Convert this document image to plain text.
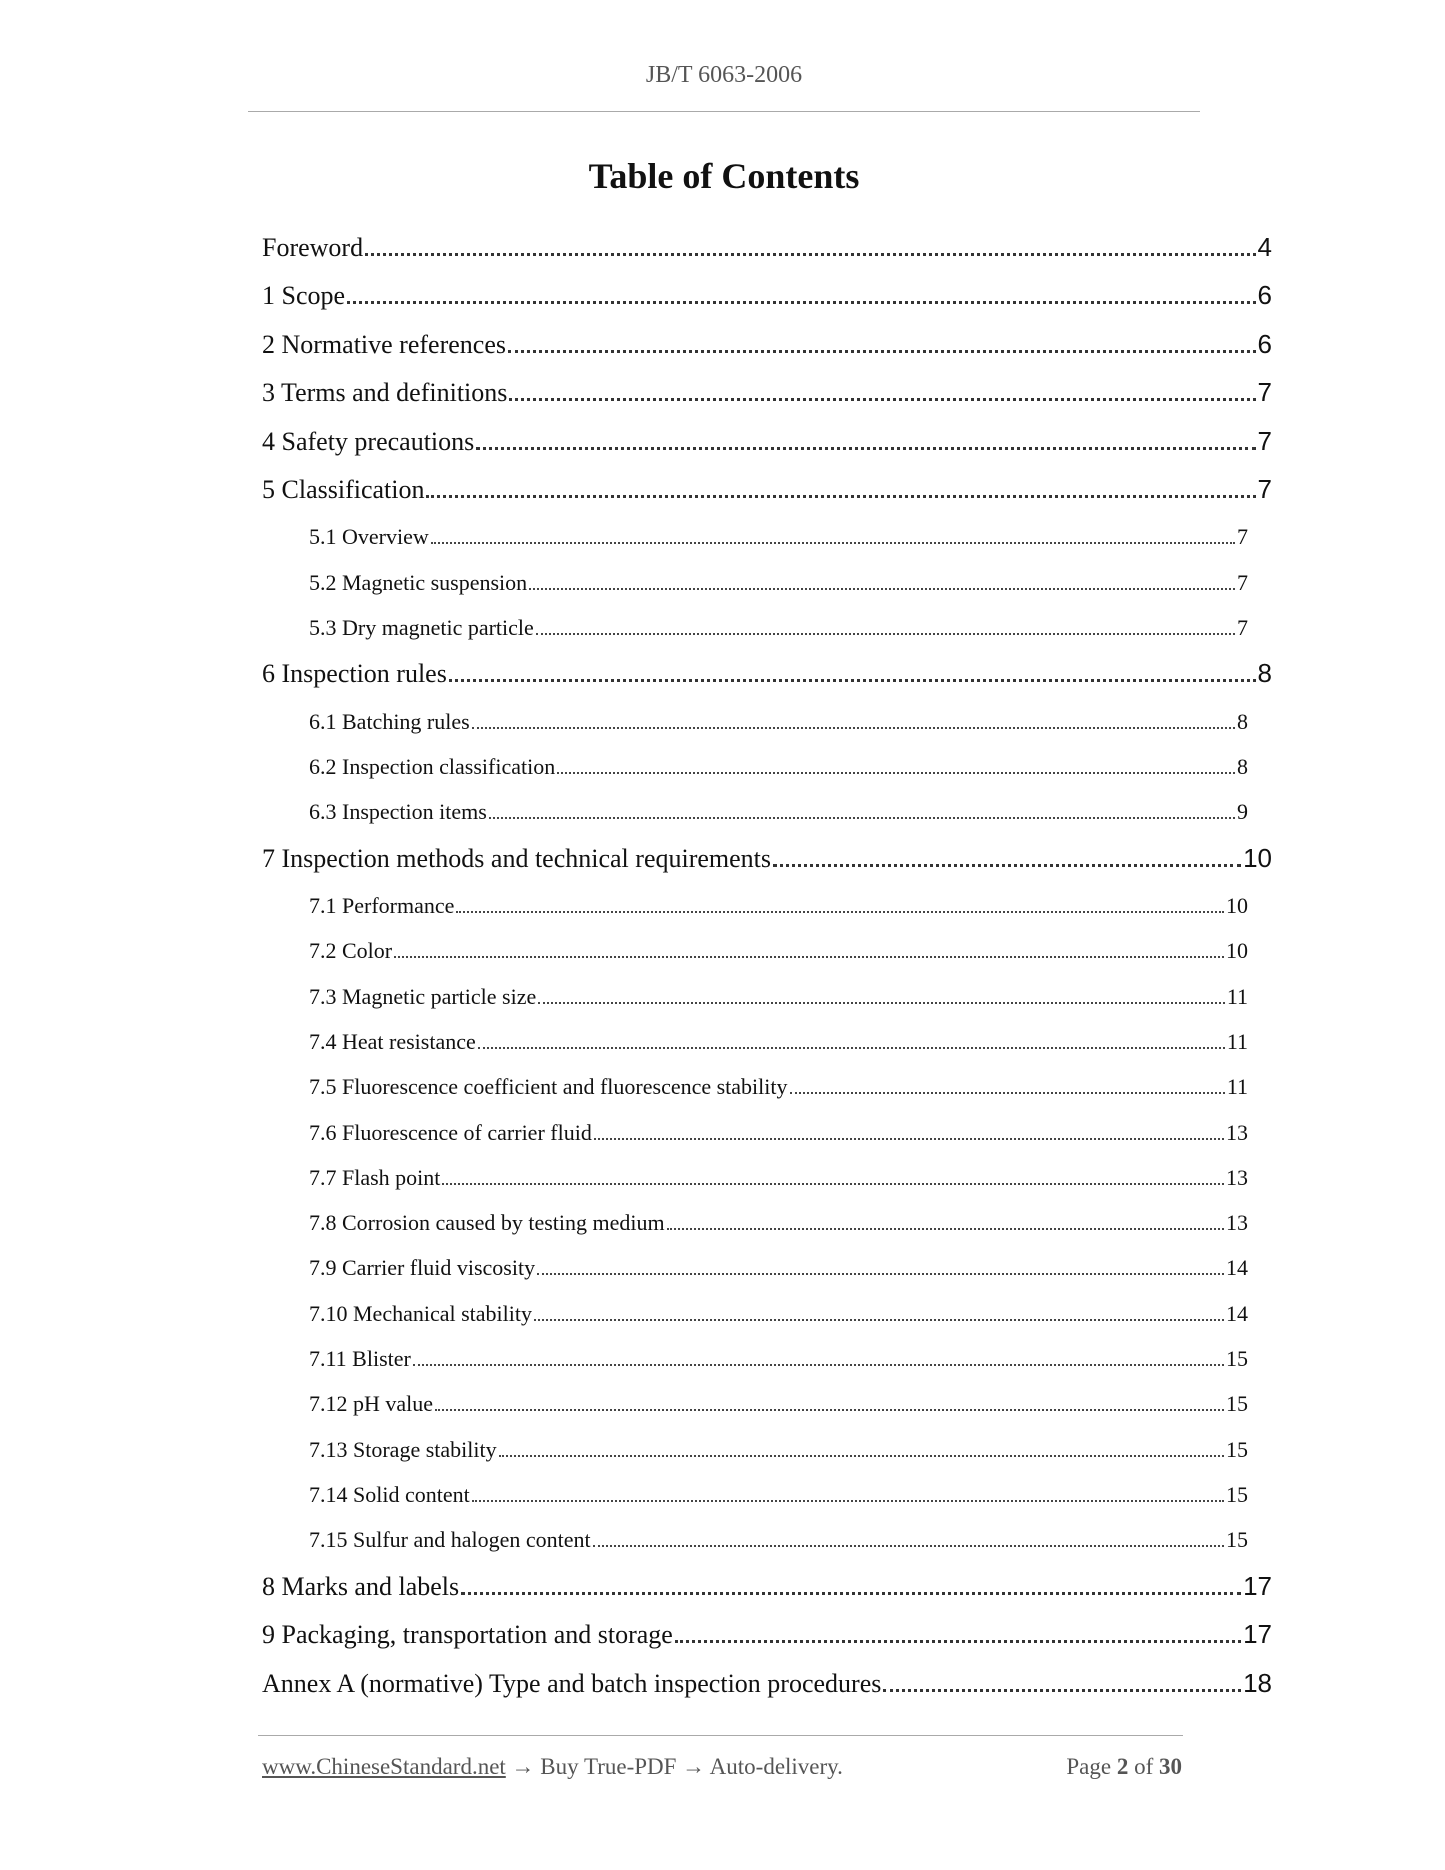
JB/T 6063-2006
Table of Contents
Foreword	4
1 Scope	6
2 Normative references	6
3 Terms and definitions	7
4 Safety precautions	7
5 Classification	7
5.1 Overview	7
5.2 Magnetic suspension	7
5.3 Dry magnetic particle	7
6 Inspection rules	8
6.1 Batching rules	8
6.2 Inspection classification	8
6.3 Inspection items	9
7 Inspection methods and technical requirements	10
7.1 Performance	10
7.2 Color	10
7.3 Magnetic particle size	11
7.4 Heat resistance	11
7.5 Fluorescence coefficient and fluorescence stability	11
7.6 Fluorescence of carrier fluid	13
7.7 Flash point	13
7.8 Corrosion caused by testing medium	13
7.9 Carrier fluid viscosity	14
7.10 Mechanical stability	14
7.11 Blister	15
7.12 pH value	15
7.13 Storage stability	15
7.14 Solid content	15
7.15 Sulfur and halogen content	15
8 Marks and labels	17
9 Packaging, transportation and storage	17
Annex A (normative) Type and batch inspection procedures	18
www.ChineseStandard.net → Buy True-PDF → Auto-delivery.	Page 2 of 30
